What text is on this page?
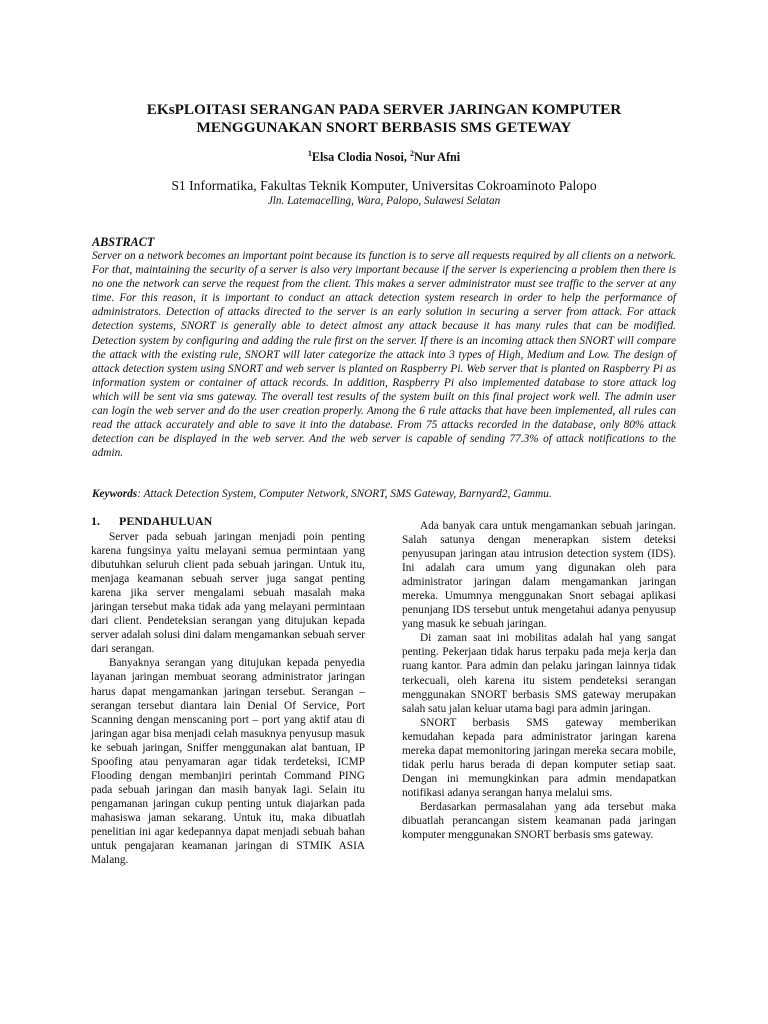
EKsPLOITASI SERANGAN PADA SERVER JARINGAN KOMPUTER
MENGGUNAKAN SNORT BERBASIS SMS GETEWAY
$^1$Elsa Clodia Nosoi, $^2$Nur Afni
S1 Informatika, Fakultas Teknik Komputer, Universitas Cokroaminoto Palopo
Jln. Latemacelling, Wara, Palopo, Sulawesi Selatan
ABSTRACT

Server on a network becomes an important point because its function is to serve all requests required by all clients on a network. For that, maintaining the security of a server is also very important because if the server is experiencing a problem then there is no one the network can serve the request from the client. This makes a server administrator must see traffic to the server at any time. For this reason, it is important to conduct an attack detection system research in order to help the performance of administrators. Detection of attacks directed to the server is an early solution in securing a server from attack. For attack detection systems, SNORT is generally able to detect almost any attack because it has many rules that can be modified. Detection system by configuring and adding the rule first on the server. If there is an incoming attack then SNORT will compare the attack with the existing rule, SNORT will later categorize the attack into 3 types of High, Medium and Low. The design of attack detection system using SNORT and web server is planted on Raspberry Pi. Web server that is planted on Raspberry Pi as information system or container of attack records. In addition, Raspberry Pi also implemented database to store attack log which will be sent via sms gateway. The overall test results of the system built on this final project work well. The admin user can login the web server and do the user creation properly. Among the 6 rule attacks that have been implemented, all rules can read the attack accurately and able to save it into the database. From 75 attacks recorded in the database, only 80% attack detection can be displayed in the web server. And the web server is capable of sending 77.3% of attack notifications to the admin.

Keywords: Attack Detection System, Computer Network, SNORT, SMS Gateway, Barnyard2, Gammu.
1. PENDAHULUAN

Server pada sebuah jaringan menjadi poin penting karena fungsinya yaitu melayani semua permintaan yang dibutuhkan seluruh client pada sebuah jaringan. Untuk itu, menjaga keamanan sebuah server juga sangat penting karena jika server mengalami sebuah masalah maka jaringan tersebut maka tidak ada yang melayani permintaan dari client. Pendeteksian serangan yang ditujukan kepada server adalah solusi dini dalam mengamankan sebuah server dari serangan.

Banyaknya serangan yang ditujukan kepada penyedia layanan jaringan membuat seorang administrator jaringan harus dapat mengamankan jaringan tersebut. Serangan – serangan tersebut diantara lain Denial Of Service, Port Scanning dengan menscaning port – port yang aktif atau di jaringan agar bisa menjadi celah masuknya penyusup masuk ke sebuah jaringan, Sniffer menggunakan alat bantuan, IP Spoofing atau penyamaran agar tidak terdeteksi, ICMP Flooding dengan membanjiri perintah Command PING pada sebuah jaringan dan masih banyak lagi. Selain itu pengamanan jaringan cukup penting untuk diajarkan pada mahasiswa jaman sekarang. Untuk itu, maka dibuatlah penelitian ini agar kedepannya dapat menjadi sebuah bahan untuk pengajaran keamanan jaringan di STMIK ASIA Malang.

Ada banyak cara untuk mengamankan sebuah jaringan. Salah satunya dengan menerapkan sistem deteksi penyusupan jaringan atau intrusion detection system (IDS). Ini adalah cara umum yang digunakan oleh para administrator jaringan dalam mengamankan jaringan mereka. Umumnya menggunakan Snort sebagai aplikasi penunjang IDS tersebut untuk mengetahui adanya penyusup yang masuk ke sebuah jaringan.

Di zaman saat ini mobilitas adalah hal yang sangat penting. Pekerjaan tidak harus terpaku pada meja kerja dan ruang kantor. Para admin dan pelaku jaringan lainnya tidak terkecuali, oleh karena itu sistem pendeteksi serangan menggunakan SNORT berbasis SMS gateway merupakan salah satu jalan keluar utama bagi para admin jaringan.

SNORT berbasis SMS gateway memberikan kemudahan kepada para administrator jaringan karena mereka dapat memonitoring jaringan mereka secara mobile, tidak perlu harus berada di depan komputer setiap saat. Dengan ini memungkinkan para admin mendapatkan notifikasi adanya serangan hanya melalui sms.

Berdasarkan permasalahan yang ada tersebut maka dibuatlah perancangan sistem keamanan pada jaringan komputer menggunakan SNORT berbasis sms gateway.
